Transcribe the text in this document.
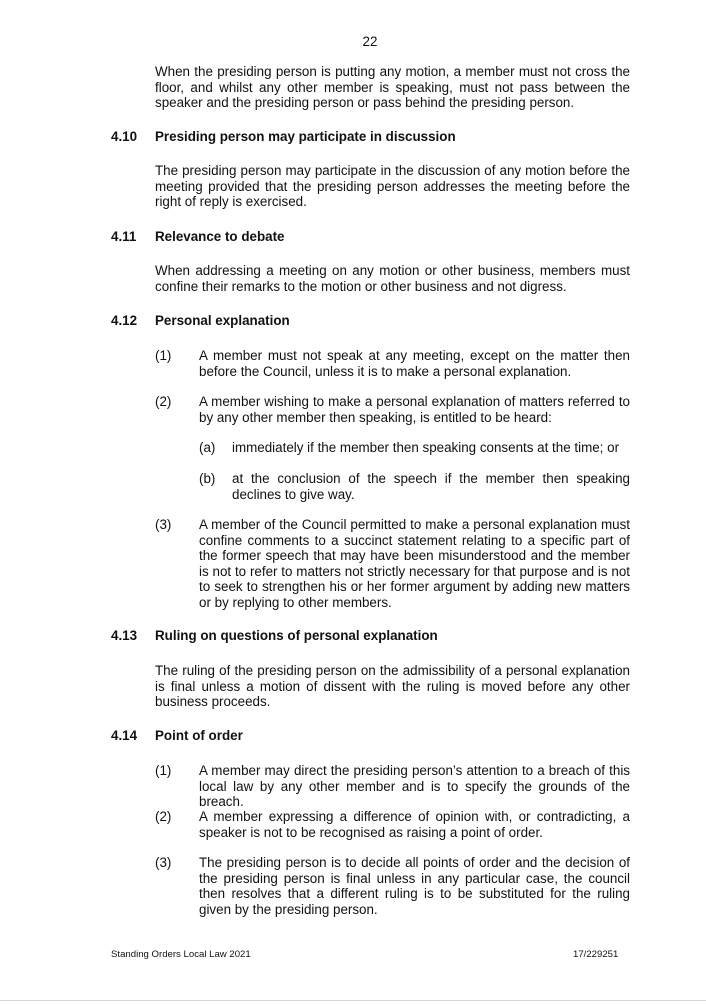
22
When the presiding person is putting any motion, a member must not cross the floor, and whilst any other member is speaking, must not pass between the speaker and the presiding person or pass behind the presiding person.
4.10 Presiding person may participate in discussion
The presiding person may participate in the discussion of any motion before the meeting provided that the presiding person addresses the meeting before the right of reply is exercised.
4.11 Relevance to debate
When addressing a meeting on any motion or other business, members must confine their remarks to the motion or other business and not digress.
4.12 Personal explanation
(1) A member must not speak at any meeting, except on the matter then before the Council, unless it is to make a personal explanation.
(2) A member wishing to make a personal explanation of matters referred to by any other member then speaking, is entitled to be heard:
(a) immediately if the member then speaking consents at the time; or
(b) at the conclusion of the speech if the member then speaking declines to give way.
(3) A member of the Council permitted to make a personal explanation must confine comments to a succinct statement relating to a specific part of the former speech that may have been misunderstood and the member is not to refer to matters not strictly necessary for that purpose and is not to seek to strengthen his or her former argument by adding new matters or by replying to other members.
4.13 Ruling on questions of personal explanation
The ruling of the presiding person on the admissibility of a personal explanation is final unless a motion of dissent with the ruling is moved before any other business proceeds.
4.14 Point of order
(1) A member may direct the presiding person’s attention to a breach of this local law by any other member and is to specify the grounds of the breach.
(2) A member expressing a difference of opinion with, or contradicting, a speaker is not to be recognised as raising a point of order.
(3) The presiding person is to decide all points of order and the decision of the presiding person is final unless in any particular case, the council then resolves that a different ruling is to be substituted for the ruling given by the presiding person.
Standing Orders Local Law 2021	17/229251
